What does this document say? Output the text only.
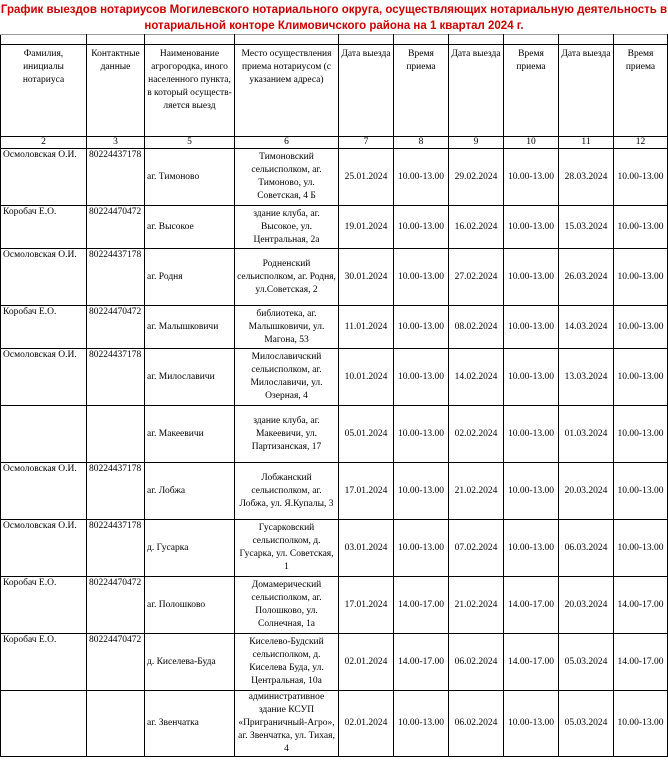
График выездов нотариусов Могилевского нотариального округа, осуществляющих нотариальную деятельность в нотариальной конторе Климовичского района на 1 квартал 2024 г.

Фамилия, инициалы нотариуса	Контактные данные	Наименование агрогородка, иного населенного пункта, в который осуществ-ляется выезд	Место осуществления приема нотариусом (с указанием адреса)	Дата выезда	Время приема	Дата выезда	Время приема	Дата выезда	Время приема
2	3	5	6	7	8	9	10	11	12
Осмоловская О.И.	80224437178	аг. Тимоново	Тимоновский сельисполком, аг. Тимоново, ул. Советская, 4 Б	25.01.2024	10.00-13.00	29.02.2024	10.00-13.00	28.03.2024	10.00-13.00
Коробач Е.О.	80224470472	аг. Высокое	здание клуба, аг. Высокое, ул. Центральная, 2а	19.01.2024	10.00-13.00	16.02.2024	10.00-13.00	15.03.2024	10.00-13.00
Осмоловская О.И.	80224437178	аг. Родня	Родненский сельисполком, аг. Родня, ул.Советская, 2	30.01.2024	10.00-13.00	27.02.2024	10.00-13.00	26.03.2024	10.00-13.00
Коробач Е.О.	80224470472	аг. Малышковичи	библиотека, аг. Малышковичи, ул. Магона, 53	11.01.2024	10.00-13.00	08.02.2024	10.00-13.00	14.03.2024	10.00-13.00
Осмоловская О.И.	80224437178	аг. Милославичи	Милославичский сельисполком, аг. Милославичи, ул. Озерная, 4	10.01.2024	10.00-13.00	14.02.2024	10.00-13.00	13.03.2024	10.00-13.00
		аг. Макеевичи	здание клуба, аг. Макеевичи, ул. Партизанская, 17	05.01.2024	10.00-13.00	02.02.2024	10.00-13.00	01.03.2024	10.00-13.00
Осмоловская О.И.	80224437178	аг. Лобжа	Лобжанский сельисполком, аг. Лобжа, ул. Я.Купалы, 3	17.01.2024	10.00-13.00	21.02.2024	10.00-13.00	20.03.2024	10.00-13.00
Осмоловская О.И.	80224437178	д. Гусарка	Гусарковский сельисполком, д. Гусарка, ул. Советская, 1	03.01.2024	10.00-13.00	07.02.2024	10.00-13.00	06.03.2024	10.00-13.00
Коробач Е.О.	80224470472	аг. Полошково	Домамерический сельисполком, аг. Полошково, ул. Солнечная, 1а	17.01.2024	14.00-17.00	21.02.2024	14.00-17.00	20.03.2024	14.00-17.00
Коробач Е.О.	80224470472	д. Киселева-Буда	Киселево-Будский сельисполком, д. Киселева Буда, ул. Центральная, 10а	02.01.2024	14.00-17.00	06.02.2024	14.00-17.00	05.03.2024	14.00-17.00
		аг. Звенчатка	административное здание КСУП «Приграничный-Агро», аг. Звенчатка, ул. Тихая, 4	02.01.2024	10.00-13.00	06.02.2024	10.00-13.00	05.03.2024	10.00-13.00
